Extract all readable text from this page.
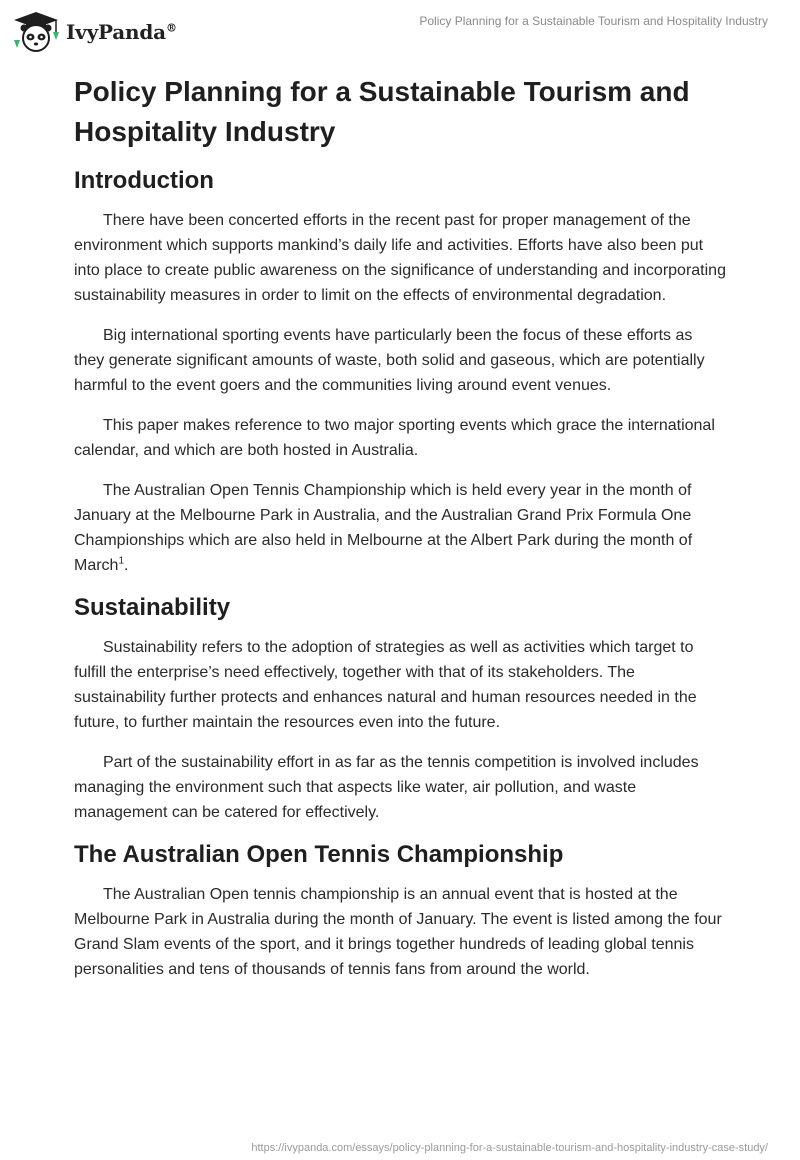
IvyPanda®	Policy Planning for a Sustainable Tourism and Hospitality Industry
Policy Planning for a Sustainable Tourism and Hospitality Industry
Introduction

There have been concerted efforts in the recent past for proper management of the environment which supports mankind’s daily life and activities. Efforts have also been put into place to create public awareness on the significance of understanding and incorporating sustainability measures in order to limit on the effects of environmental degradation.

Big international sporting events have particularly been the focus of these efforts as they generate significant amounts of waste, both solid and gaseous, which are potentially harmful to the event goers and the communities living around event venues.

This paper makes reference to two major sporting events which grace the international calendar, and which are both hosted in Australia.

The Australian Open Tennis Championship which is held every year in the month of January at the Melbourne Park in Australia, and the Australian Grand Prix Formula One Championships which are also held in Melbourne at the Albert Park during the month of March$^1$.

Sustainability

Sustainability refers to the adoption of strategies as well as activities which target to fulfill the enterprise’s need effectively, together with that of its stakeholders. The sustainability further protects and enhances natural and human resources needed in the future, to further maintain the resources even into the future.

Part of the sustainability effort in as far as the tennis competition is involved includes managing the environment such that aspects like water, air pollution, and waste management can be catered for effectively.

The Australian Open Tennis Championship

The Australian Open tennis championship is an annual event that is hosted at the Melbourne Park in Australia during the month of January. The event is listed among the four Grand Slam events of the sport, and it brings together hundreds of leading global tennis personalities and tens of thousands of tennis fans from around the world.

https://ivypanda.com/essays/policy-planning-for-a-sustainable-tourism-and-hospitality-industry-case-study/
